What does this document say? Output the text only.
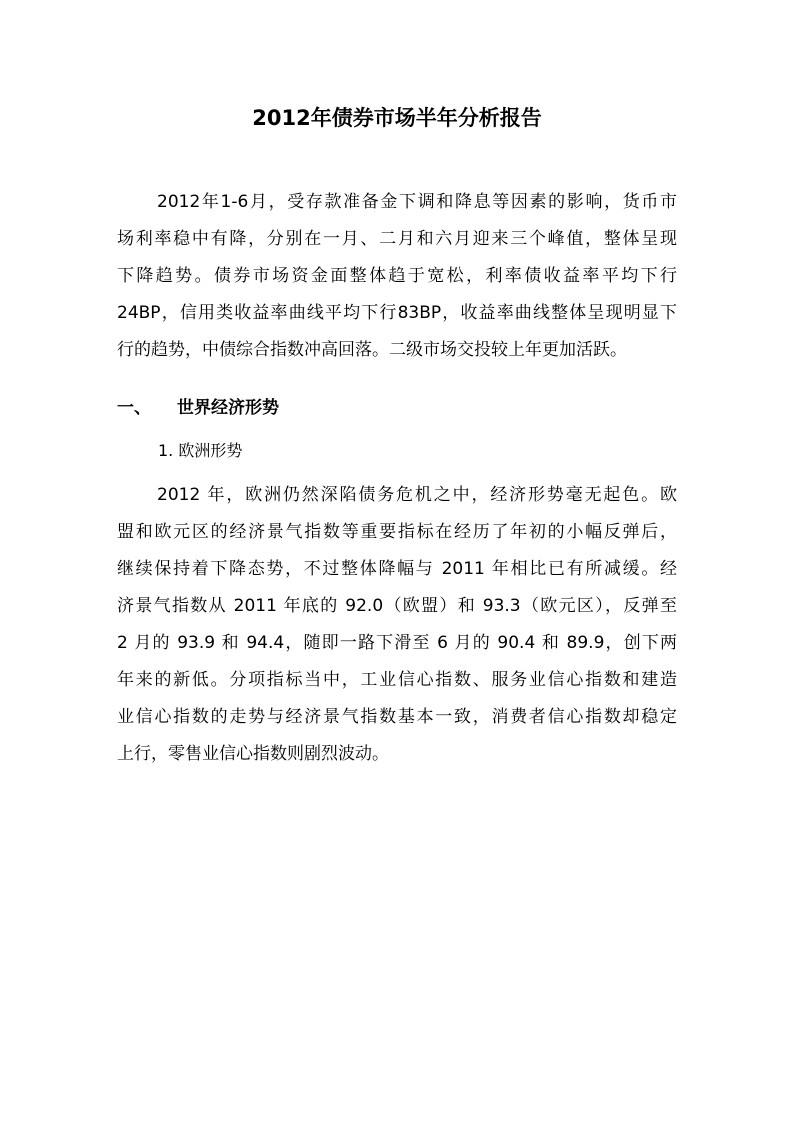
2012年债券市场半年分析报告
2012年1-6月，受存款准备金下调和降息等因素的影响，货币市
场利率稳中有降，分别在一月、二月和六月迎来三个峰值，整体呈现
下降趋势。债券市场资金面整体趋于宽松，利率债收益率平均下行
24BP，信用类收益率曲线平均下行83BP，收益率曲线整体呈现明显下
行的趋势，中债综合指数冲高回落。二级市场交投较上年更加活跃。
一、 世界经济形势
1. 欧洲形势
2012 年，欧洲仍然深陷债务危机之中，经济形势毫无起色。欧
盟和欧元区的经济景气指数等重要指标在经历了年初的小幅反弹后，
继续保持着下降态势，不过整体降幅与 2011 年相比已有所减缓。经
济景气指数从 2011 年底的 92.0（欧盟）和 93.3（欧元区），反弹至
2 月的 93.9 和 94.4，随即一路下滑至 6 月的 90.4 和 89.9，创下两
年来的新低。分项指标当中，工业信心指数、服务业信心指数和建造
业信心指数的走势与经济景气指数基本一致，消费者信心指数却稳定
上行，零售业信心指数则剧烈波动。
